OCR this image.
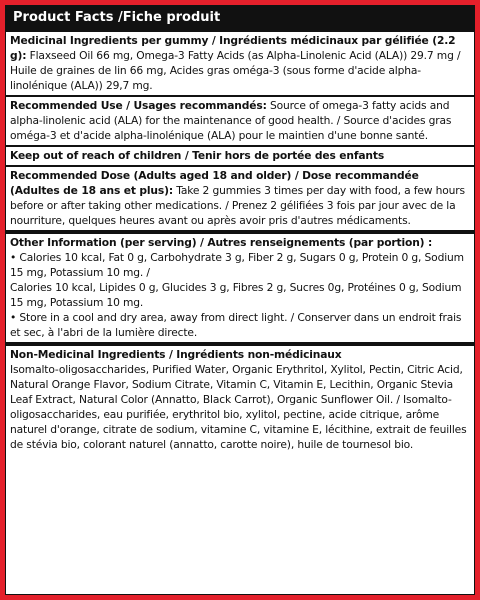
Product Facts /Fiche produit
Medicinal Ingredients per gummy / Ingrédients médicinaux par gélifiée (2.2 g): Flaxseed Oil 66 mg, Omega-3 Fatty Acids (as Alpha-Linolenic Acid (ALA)) 29.7 mg / Huile de graines de lin 66 mg, Acides gras oméga-3 (sous forme d'acide alpha-linolénique (ALA)) 29,7 mg.
Recommended Use / Usages recommandés: Source of omega-3 fatty acids and alpha-linolenic acid (ALA) for the maintenance of good health. / Source d'acides gras oméga-3 et d'acide alpha-linolénique (ALA) pour le maintien d'une bonne santé.
Keep out of reach of children / Tenir hors de portée des enfants
Recommended Dose (Adults aged 18 and older) / Dose recommandée (Adultes de 18 ans et plus): Take 2 gummies 3 times per day with food, a few hours before or after taking other medications. / Prenez 2 gélifiées 3 fois par jour avec de la nourriture, quelques heures avant ou après avoir pris d'autres médicaments.
Other Information (per serving) / Autres renseignements (par portion) :
• Calories 10 kcal, Fat 0 g, Carbohydrate 3 g, Fiber 2 g, Sugars 0 g, Protein 0 g, Sodium 15 mg, Potassium 10 mg. /
Calories 10 kcal, Lipides 0 g, Glucides 3 g, Fibres 2 g, Sucres 0g, Protéines 0 g, Sodium 15 mg, Potassium 10 mg.
• Store in a cool and dry area, away from direct light. / Conserver dans un endroit frais et sec, à l'abri de la lumière directe.
Non-Medicinal Ingredients / Ingrédients non-médicinaux
Isomalto-oligosaccharides, Purified Water, Organic Erythritol, Xylitol, Pectin, Citric Acid, Natural Orange Flavor, Sodium Citrate, Vitamin C, Vitamin E, Lecithin, Organic Stevia Leaf Extract, Natural Color (Annatto, Black Carrot), Organic Sunflower Oil. / Isomalto-oligosaccharides, eau purifiée, erythritol bio, xylitol, pectine, acide citrique, arôme naturel d'orange, citrate de sodium, vitamine C, vitamine E, lécithine, extrait de feuilles de stévia bio, colorant naturel (annatto, carotte noire), huile de tournesol bio.
